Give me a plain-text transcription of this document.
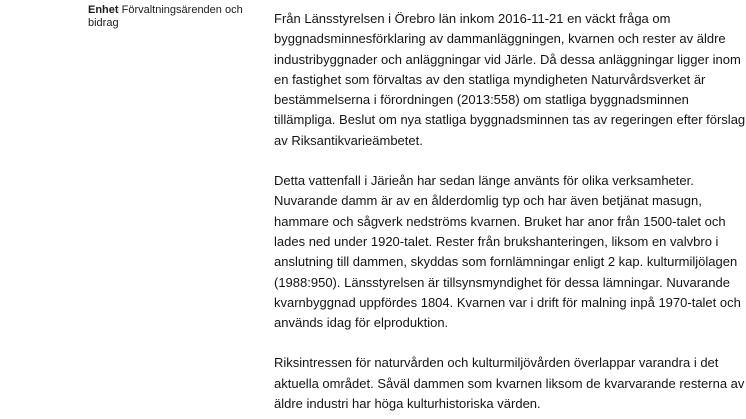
Enhet Förvaltningsärenden och
bidrag	Från Länsstyrelsen i Örebro län inkom 2016-11-21 en väckt fråga om
byggnadsminnesförklaring av dammanläggningen, kvarnen och rester av äldre
industribyggnader och anläggningar vid Järle. Då dessa anläggningar ligger inom
en fastighet som förvaltas av den statliga myndigheten Naturvårdsverket är
bestämmelserna i förordningen (2013:558) om statliga byggnadsminnen
tillämpliga. Beslut om nya statliga byggnadsminnen tas av regeringen efter förslag
av Riksantikvarieämbetet.

Detta vattenfall i Järieån har sedan länge använts för olika verksamheter.
Nuvarande damm är av en ålderdomlig typ och har även betjänat masugn,
hammare och sågverk nedströms kvarnen. Bruket har anor från 1500-talet och
lades ned under 1920-talet. Rester från brukshanteringen, liksom en valvbro i
anslutning till dammen, skyddas som fornlämningar enligt 2 kap. kulturmiljölagen
(1988:950). Länsstyrelsen är tillsynsmyndighet för dessa lämningar. Nuvarande
kvarnbyggnad uppfördes 1804. Kvarnen var i drift för malning inpå 1970-talet och
används idag för elproduktion.

Riksintressen för naturvården och kulturmiljövården överlappar varandra i det
aktuella området. Såväl dammen som kvarnen liksom de kvarvarande resterna av
äldre industri har höga kulturhistoriska värden.
